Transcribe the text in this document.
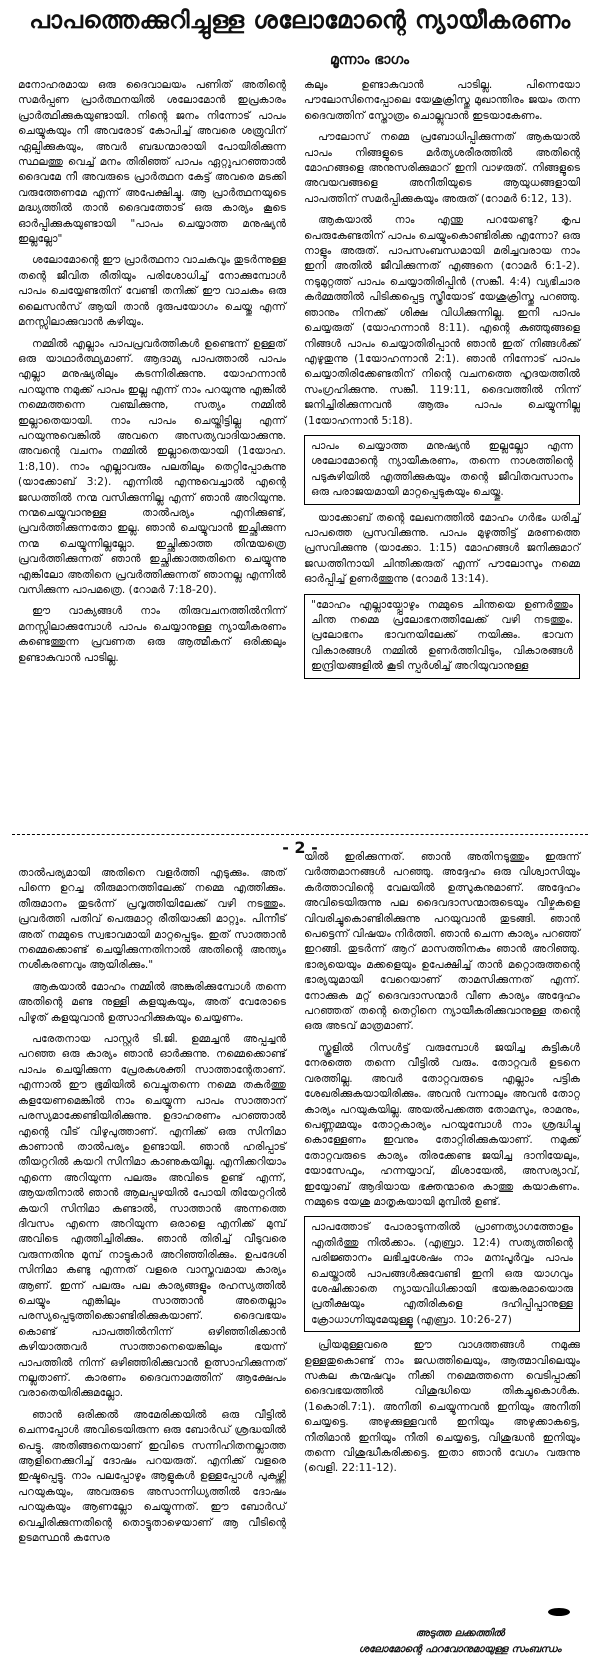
പാപത്തെക്കുറിച്ചുള്ള ശലോമോന്റെ ന്യായീകരണം
മൂന്നാം ഭാഗം

മനോഹരമായ ഒരു ദൈവാലയം പണിത് അതിന്റെ സമർപ്പണ പ്രാർത്ഥനയിൽ ശലോമോൻ ഇപ്രകാരം പ്രാർത്ഥിക്കുകയുണ്ടായി. നിന്റെ ജനം നിന്നോട് പാപം ചെയ്യുകയും നീ അവരോട് കോപിച്ച് അവരെ ശത്രുവിന് ഏല്പിക്കുകയും, അവർ ബദ്ധന്മാരായി പോയിരിക്കുന്ന സ്ഥലത്തു വെച്ച് മനം തിരിഞ്ഞ് പാപം ഏറ്റുപറഞ്ഞാൽ ദൈവമേ നീ അവരുടെ പ്രാർത്ഥന കേട്ട് അവരെ മടക്കി വരുത്തേണമേ എന്ന് അപേക്ഷിച്ചു. ആ പ്രാർത്ഥനയുടെ മദ്ധ്യത്തിൽ താൻ ദൈവത്തോട് ഒരു കാര്യം കൂടെ ഓർപ്പിക്കുകയുണ്ടായി "പാപം ചെയ്യാത്ത മനുഷ്യൻ ഇല്ലല്ലോ"

ശലോമോന്റെ ഈ പ്രാർത്ഥനാ വാചകവും തുടർന്നുള്ള തന്റെ ജീവിത രീതിയും പരിശോധിച്ച് നോക്കുമ്പോൾ പാപം ചെയ്യേണ്ടതിന് വേണ്ടി തനിക്ക് ഈ വാചകം ഒരു ലൈസൻസ് ആയി താൻ ദുരുപയോഗം ചെയ്തു എന്ന് മനസ്സിലാക്കുവാൻ കഴിയും.

നമ്മിൽ എല്ലാം പാപപ്രവർത്തികൾ ഉണ്ടെന്ന് ഉള്ളത് ഒരു യാഥാർത്ഥ്യമാണ്. ആദാമ്യ പാപത്താൽ പാപം എല്ലാ മനുഷ്യരിലും കടന്നിരിക്കുന്നു. യോഹന്നാൻ പറയുന്നു നമുക്ക് പാപം ഇല്ല എന്ന് നാം പറയുന്നു എങ്കിൽ നമ്മെത്തന്നെ വഞ്ചിക്കുന്നു, സത്യം നമ്മിൽ ഇല്ലാതെയായി. നാം പാപം ചെയ്തിട്ടില്ല എന്ന് പറയുന്നുവെങ്കിൽ അവനെ അസത്യവാദിയാക്കുന്നു. അവന്റെ വചനം നമ്മിൽ ഇല്ലാതെയായി (1യോഹ. 1:8,10). നാം എല്ലാവരും പലതിലും തെറ്റിപ്പോകുന്നു (യാക്കോബ് 3:2). എന്നിൽ എന്നുവെച്ചാൽ എന്റെ ജഡത്തിൽ നന്മ വസിക്കുന്നില്ല എന്ന് ഞാൻ അറിയുന്നു. നന്മചെയ്യുവാനുള്ള താൽപര്യം എനിക്കുണ്ട്, പ്രവർത്തിക്കുന്നതോ ഇല്ല. ഞാൻ ചെയ്യുവാൻ ഇച്ഛിക്കുന്ന നന്മ ചെയ്യുന്നില്ലല്ലോ. ഇച്ഛിക്കാത്ത തിന്മയത്രെ പ്രവർത്തിക്കുന്നത് ഞാൻ ഇച്ഛിക്കാത്തതിനെ ചെയ്യുന്നു എങ്കിലോ അതിനെ പ്രവർത്തിക്കുന്നത് ഞാനല്ല എന്നിൽ വസിക്കുന്ന പാപമത്രെ. (റോമർ 7:18-20).

ഈ വാക്യങ്ങൾ നാം തിരുവചനത്തിൽനിന്ന് മനസ്സിലാക്കുമ്പോൾ പാപം ചെയ്യാനുള്ള ന്യായീകരണം കണ്ടെത്തുന്ന പ്രവണത ഒരു ആത്മീകന് ഒരിക്കലും ഉണ്ടാകുവാൻ പാടില്ല.

കലും ഉണ്ടാകുവാൻ പാടില്ല. പിന്നെയോ പൗലോസിനെപ്പോലെ യേശുക്രിസ്തു മുഖാന്തിരം ജയം തന്ന ദൈവത്തിന് സ്തോത്രം ചൊല്ലുവാൻ ഇടയാകേണം.

പൗലോസ് നമ്മെ പ്രബോധിപ്പിക്കുന്നത് ആകയാൽ പാപം നിങ്ങളുടെ മർത്യശരീരത്തിൽ അതിന്റെ മോഹങ്ങളെ അനുസരിക്കുമാറ് ഇനി വാഴരുത്. നിങ്ങളുടെ അവയവങ്ങളെ അനീതിയുടെ ആയുധങ്ങളായി പാപത്തിന് സമർപ്പിക്കുകയും അരുത് (റോമർ 6:12, 13).

ആകയാൽ നാം എന്തു പറയേണ്ടു? കൃപ പെരുകേണ്ടതിന് പാപം ചെയ്യുംകൊണ്ടിരിക്ക എന്നോ? ഒരു നാളും അരുത്. പാപസംബന്ധമായി മരിച്ചവരായ നാം ഇനി അതിൽ ജീവിക്കുന്നത് എങ്ങനെ (റോമർ 6:1-2). നടുമുറ്റത്ത് പാപം ചെയ്യാതിരിപ്പിൻ (സങ്കീ. 4:4) വ്യഭിചാര കർമ്മത്തിൽ പിടിക്കപ്പെട്ട സ്ത്രീയോട് യേശുക്രിസ്തു പറഞ്ഞു. ഞാനും നിനക്ക് ശിക്ഷ വിധിക്കുന്നില്ല. ഇനി പാപം ചെയ്യരുത് (യോഹന്നാൻ 8:11). എന്റെ കുഞ്ഞുങ്ങളെ നിങ്ങൾ പാപം ചെയ്യാതിരിപ്പാൻ ഞാൻ ഇത് നിങ്ങൾക്ക് എഴുതുന്നു (1യോഹന്നാൻ 2:1). ഞാൻ നിന്നോട് പാപം ചെയ്യാതിരിക്കേണ്ടതിന് നിന്റെ വചനത്തെ ഹൃദയത്തിൽ സംഗ്രഹിക്കുന്നു. സങ്കീ. 119:11, ദൈവത്തിൽ നിന്ന് ജനിച്ചിരിക്കുന്നവൻ ആരും പാപം ചെയ്യുന്നില്ല (1യോഹന്നാൻ 5:18).

പാപം ചെയ്യാത്ത മനുഷ്യൻ ഇല്ലല്ലോ എന്ന ശലോമോന്റെ ന്യായീകരണം, തന്നെ നാശത്തിന്റെ പടുകുഴിയിൽ എത്തിക്കുകയും തന്റെ ജീവിതവസാനം ഒരു പരാജയമായി മാറ്റപ്പെടുകയും ചെയ്തു.

യാക്കോബ് തന്റെ ലേഖനത്തിൽ മോഹം ഗർഭം ധരിച്ച് പാപത്തെ പ്രസവിക്കുന്നു. പാപം മുഴുത്തിട്ട് മരണത്തെ പ്രസവിക്കുന്നു (യാക്കോ. 1:15) മോഹങ്ങൾ ജനിക്കുമാറ് ജഡത്തിനായി ചിന്തിക്കരുത് എന്ന് പൗലോസും നമ്മെ ഓർപ്പിച്ച് ഉണർത്തുന്നു (റോമർ 13:14).

"മോഹം എല്ലായ്പ്പോഴും നമ്മുടെ ചിന്തയെ ഉണർത്തും ചിന്ത നമ്മെ പ്രലോഭനത്തിലേക്ക് വഴി നടത്തും. പ്രലോഭനം ഭാവനയിലേക്ക് നയിക്കും. ഭാവന വികാരങ്ങൾ നമ്മിൽ ഉണർത്തിവിടും, വികാരങ്ങൾ ഇന്ദ്രിയങ്ങളിൽ കൂടി സ്പർശിച്ച് അറിയുവാനുള്ള

- 2 -

താൽപര്യമായി അതിനെ വളർത്തി എടുക്കും. അത് പിന്നെ ഉറച്ച തീരുമാനത്തിലേക്ക് നമ്മെ എത്തിക്കും. തീരുമാനം തുടർന്ന് പ്രവൃത്തിയിലേക്ക് വഴി നടത്തും. പ്രവർത്തി പതിവ് പെരുമാറ്റ രീതിയാക്കി മാറ്റും. പിന്നീട് അത് നമ്മുടെ സ്വഭാവമായി മാറ്റപ്പെടും. ഇത് സാത്താൻ നമ്മെക്കൊണ്ട് ചെയ്യിക്കുന്നതിനാൽ അതിന്റെ അന്ത്യം നശീകരണവും ആയിരിക്കും."

ആകയാൽ മോഹം നമ്മിൽ അങ്കുരിക്കുമ്പോൾ തന്നെ അതിന്റെ മണ്ട നുള്ളി കളയുകയും, അത് വേരോടെ പിഴുത് കളയുവാൻ ഉത്സാഹിക്കുകയും ചെയ്യണം.

പരേതനായ പാസ്റ്റർ ടി.ജി. ഉമ്മച്ചൻ അപ്പച്ചൻ പറഞ്ഞ ഒരു കാര്യം ഞാൻ ഓർക്കുന്നു. നമ്മെക്കൊണ്ട് പാപം ചെയ്യിക്കുന്ന പ്രേരകശക്തി സാത്താന്റേതാണ്. എന്നാൽ ഈ ഭൂമിയിൽ വെച്ചുതന്നെ നമ്മെ തകർത്തു കളയേണമെങ്കിൽ നാം ചെയ്യുന്ന പാപം സാത്താന് പരസ്യമാക്കേണ്ടിയിരിക്കുന്നു. ഉദാഹരണം പറഞ്ഞാൽ എന്റെ വീട് വിഴുപുത്താണ്. എനിക്ക് ഒരു സിനിമാ കാണാൻ താൽപര്യം ഉണ്ടായി. ഞാൻ ഹരിപ്പാട് തീയറ്ററിൽ കയറി സിനിമാ കാണുകയില്ല. എനിക്കറിയാം എന്നെ അറിയുന്ന പലരും അവിടെ ഉണ്ട് എന്ന്, ആയതിനാൽ ഞാൻ ആലപ്പുഴയിൽ പോയി തിയേറ്ററിൽ കയറി സിനിമാ കണ്ടാൽ, സാത്താൻ അന്നത്തെ ദിവസം എന്നെ അറിയുന്ന ഒരാളെ എനിക്ക് മുമ്പ് അവിടെ എത്തിച്ചിരിക്കും. ഞാൻ തിരിച്ച് വീടുവരെ വരുന്നതിനു മുമ്പ് നാട്ടുകാർ അറിഞ്ഞിരിക്കും. ഉപദേശി സിനിമാ കണ്ടു എന്നത് വളരെ വാസ്തവമായ കാര്യം ആണ്. ഇന്ന് പലരും പല കാര്യങ്ങളും രഹസ്യത്തിൽ ചെയ്യും എങ്കിലും സാത്താൻ അതെല്ലാം പരസ്യപ്പെടുത്തിക്കൊണ്ടിരിക്കുകയാണ്. ദൈവഭയം കൊണ്ട് പാപത്തിൽനിന്ന് ഒഴിഞ്ഞിരിക്കാൻ കഴിയാത്തവർ സാത്താനെയെങ്കിലും ഭയന്ന് പാപത്തിൽ നിന്ന് ഒഴിഞ്ഞിരിക്കുവാൻ ഉത്സാഹിക്കുന്നത് നല്ലതാണ്. കാരണം ദൈവനാമത്തിന് ആക്ഷേപം വരാതെയിരിക്കുമല്ലോ.

ഞാൻ ഒരിക്കൽ അമേരിക്കയിൽ ഒരു വീട്ടിൽ ചെന്നപ്പോൾ അവിടെയിരുന്ന ഒരു ബോർഡ് ശ്രദ്ധയിൽ പെട്ടു. അതിങ്ങനെയാണ് ഇവിടെ സന്നിഹിതനല്ലാത്ത ആളിനെക്കുറിച്ച് ദോഷം പറയരുത്. എനിക്ക് വളരെ ഇഷ്ടപ്പെട്ടു. നാം പലപ്പോഴും ആളുകൾ ഉള്ളപ്പോൾ പുകഴ്ത്തി പറയുകയും, അവരുടെ അസാന്നിധ്യത്തിൽ ദോഷം പറയുകയും ആണല്ലോ ചെയ്യുന്നത്. ഈ ബോർഡ് വെച്ചിരിക്കുന്നതിന്റെ തൊട്ടുതാഴെയാണ് ആ വീടിന്റെ ഉടമസ്ഥൻ കസേര

യിൽ ഇരിക്കുന്നത്. ഞാൻ അതിനടുത്തും ഇരുന്ന് വർത്തമാനങ്ങൾ പറഞ്ഞു. അദ്ദേഹം ഒരു വിശ്വാസിയും കർത്താവിന്റെ വേലയിൽ ഉത്സുകനുമാണ്. അദ്ദേഹം അവിടെയിരുന്നു പല ദൈവദാസന്മാരുടെയും വീഴ്ചകളെ വിവരിച്ചുകൊണ്ടിരിക്കുന്നു പറയുവാൻ തുടങ്ങി. ഞാൻ പെട്ടെന്ന് വിഷയം നിർത്തി. ഞാൻ ചെന്ന കാര്യം പറഞ്ഞ് ഇറങ്ങി. തുടർന്ന് ആറ് മാസത്തിനകം ഞാൻ അറിഞ്ഞു. ഭാര്യയെയും മക്കളെയും ഉപേക്ഷിച്ച് താൻ മറ്റൊരുത്തന്റെ ഭാര്യയുമായി വേറെയാണ് താമസിക്കുന്നത് എന്ന്. നോക്കുക മറ്റ് ദൈവദാസന്മാർ വീണ കാര്യം അദ്ദേഹം പറഞ്ഞത് തന്റെ തെറ്റിനെ ന്യായീകരിക്കുവാനുള്ള തന്റെ ഒരു അടവ് മാത്രമാണ്.

സ്കൂളിൽ റിസൾട്ട് വരുമ്പോൾ ജയിച്ച കുട്ടികൾ നേരത്തെ തന്നെ വീട്ടിൽ വരും. തോറ്റവർ ഉടനെ വരത്തില്ല. അവർ തോറ്റവരുടെ എല്ലാം പട്ടിക ശേഖരിക്കുകയായിരിക്കും. അവൻ വന്നാലും അവൻ തോറ്റ കാര്യം പറയുകയില്ല. അയൽപക്കത്ത തോമസും, രാമനും, പെണ്ണമ്മയും തോറ്റകാര്യം പറയുമ്പോൾ നാം ശ്രദ്ധിച്ചു കൊള്ളേണം ഇവനും തോറ്റിരിക്കുകയാണ്. നമുക്ക് തോറ്റവരുടെ കാര്യം തിരക്കേണ്ട ജയിച്ച ദാനിയേലും, യോസേഫും, ഹന്നയ്യാവ്, മിശായേൽ, അസര്യാവ്, ഇയ്യോബ് ആദിയായ ഭക്തന്മാരെ കാത്തു കയാകണം. നമ്മുടെ യേശു മാതൃകയായി മുമ്പിൽ ഉണ്ട്.

പാപത്തോട് പോരാടുന്നതിൽ പ്രാണത്യാഗത്തോളം എതിർത്തു നിൽക്കാം. (എബ്രാ. 12:4) സത്യത്തിന്റെ പരിജ്ഞാനം ലഭിച്ചശേഷം നാം മനഃപൂർവ്വം പാപം ചെയ്താൽ പാപങ്ങൾക്കുവേണ്ടി ഇനി ഒരു യാഗവും ശേഷിക്കാതെ ന്യായവിധിക്കായി ഭയങ്കരമായൊരു പ്രതീക്ഷയും എതിരികളെ ദഹിപ്പിപ്പാനുള്ള ക്രോധാഗ്നിയുമേയുള്ളൂ (എബ്രാ. 10:26-27)

പ്രിയമുള്ളവരെ ഈ വാഗ്ദത്തങ്ങൾ നമുക്കു ഉള്ളതുകൊണ്ട് നാം ജഡത്തിലെയും, ആത്മാവിലെയും സകല കന്മഷവും നീക്കി നമ്മെത്തന്നെ വെടിപ്പാക്കി ദൈവഭയത്തിൽ വിശുദ്ധിയെ തികച്ചുകൊൾക. (1കൊരി.7:1). അനീതി ചെയ്യുന്നവൻ ഇനിയും അനീതി ചെയ്യട്ടെ. അഴുക്കുള്ളവൻ ഇനിയും അഴുക്കാകട്ടെ, നീതിമാൻ ഇനിയും നീതി ചെയ്യട്ടെ, വിശുദ്ധൻ ഇനിയും തന്നെ വിശുദ്ധീകരിക്കട്ടെ. ഇതാ ഞാൻ വേഗം വരുന്നു (വെളി. 22:11-12).

അടുത്ത ലക്കത്തിൽ
ശലോമോന്റെ ഫറവോനുമായുള്ള സംബന്ധം
